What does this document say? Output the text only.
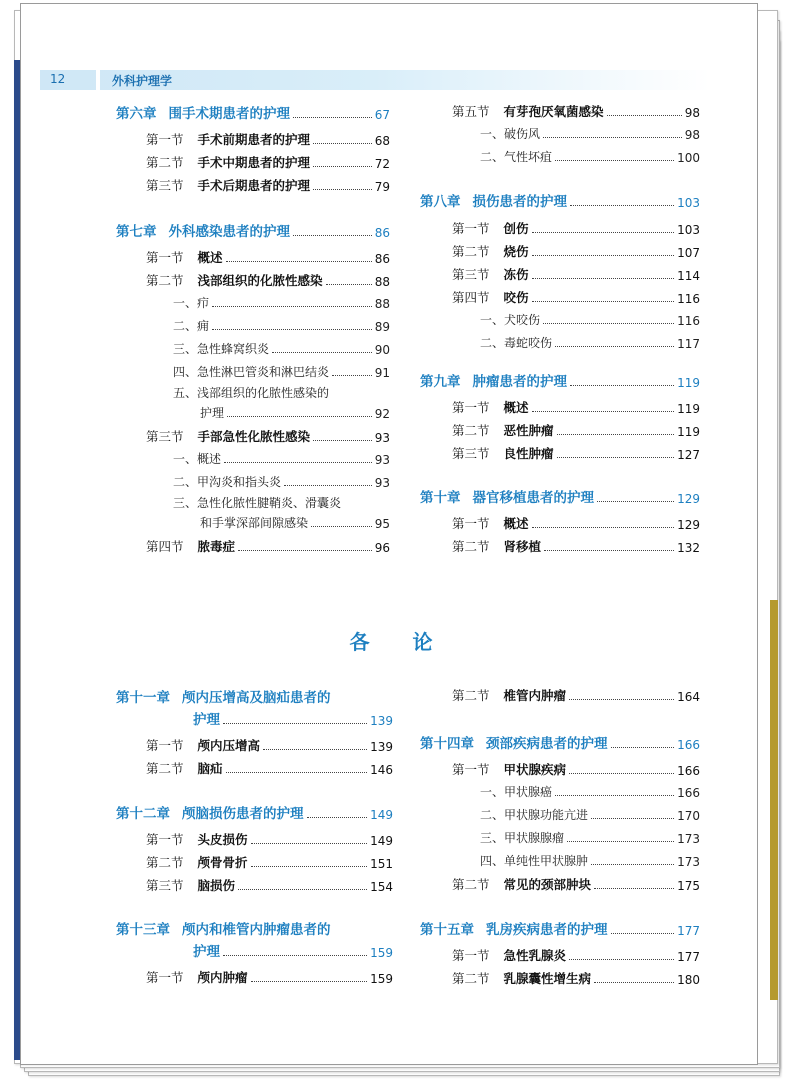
12	外科护理学
各 论
第六章 围手术期患者的护理	67
第一节 手术前期患者的护理	68
第二节 手术中期患者的护理	72
第三节 手术后期患者的护理	79
第七章 外科感染患者的护理	86
第一节 概述	86
第二节 浅部组织的化脓性感染	88
一、疖	88
二、痈	89
三、急性蜂窝织炎	90
四、急性淋巴管炎和淋巴结炎	91
五、浅部组织的化脓性感染的
护理	92
第三节 手部急性化脓性感染	93
一、概述	93
二、甲沟炎和指头炎	93
三、急性化脓性腱鞘炎、滑囊炎
和手掌深部间隙感染	95
第四节 脓毒症	96
第五节 有芽孢厌氧菌感染	98
一、破伤风	98
二、气性坏疽	100
第八章 损伤患者的护理	103
第一节 创伤	103
第二节 烧伤	107
第三节 冻伤	114
第四节 咬伤	116
一、犬咬伤	116
二、毒蛇咬伤	117
第九章 肿瘤患者的护理	119
第一节 概述	119
第二节 恶性肿瘤	119
第三节 良性肿瘤	127
第十章 器官移植患者的护理	129
第一节 概述	129
第二节 肾移植	132
第十一章 颅内压增高及脑疝患者的
护理	139
第一节 颅内压增高	139
第二节 脑疝	146
第十二章 颅脑损伤患者的护理	149
第一节 头皮损伤	149
第二节 颅骨骨折	151
第三节 脑损伤	154
第十三章 颅内和椎管内肿瘤患者的
护理	159
第一节 颅内肿瘤	159
第二节 椎管内肿瘤	164
第十四章 颈部疾病患者的护理	166
第一节 甲状腺疾病	166
一、甲状腺癌	166
二、甲状腺功能亢进	170
三、甲状腺腺瘤	173
四、单纯性甲状腺肿	173
第二节 常见的颈部肿块	175
第十五章 乳房疾病患者的护理	177
第一节 急性乳腺炎	177
第二节 乳腺囊性增生病	180
